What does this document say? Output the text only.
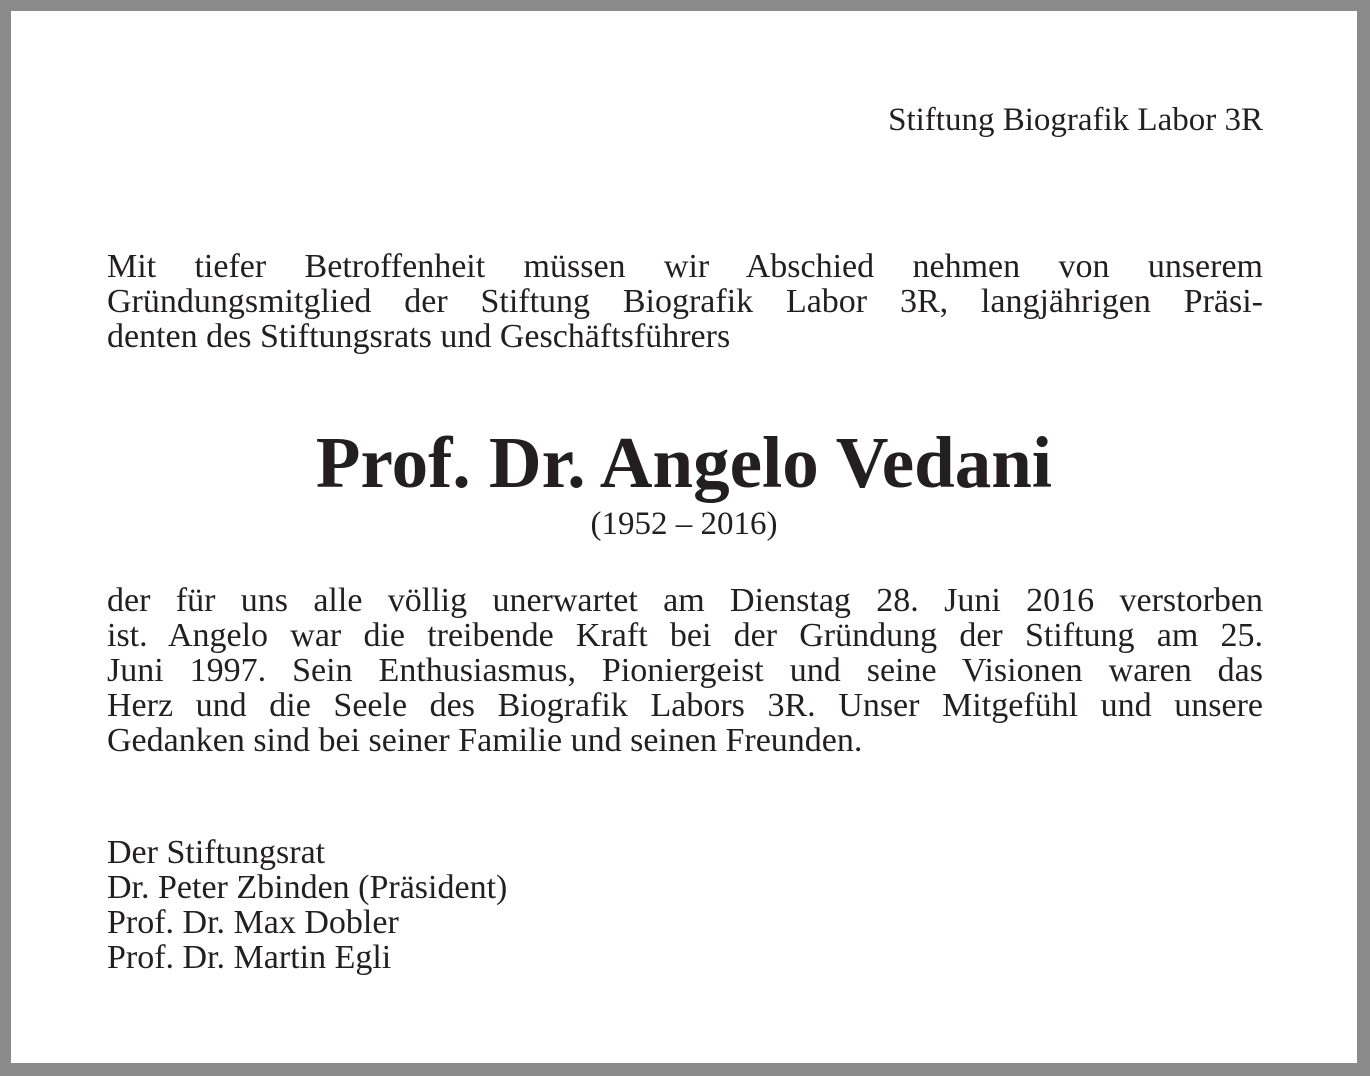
Stiftung Biografik Labor 3R
Mit tiefer Betroffenheit müssen wir Abschied nehmen von unserem
Gründungsmitglied der Stiftung Biografik Labor 3R, langjährigen Präsi-
denten des Stiftungsrats und Geschäftsführers
Prof. Dr. Angelo Vedani
(1952 – 2016)
der für uns alle völlig unerwartet am Dienstag 28. Juni 2016 verstorben
ist. Angelo war die treibende Kraft bei der Gründung der Stiftung am 25.
Juni 1997. Sein Enthusiasmus, Pioniergeist und seine Visionen waren das
Herz und die Seele des Biografik Labors 3R. Unser Mitgefühl und unsere
Gedanken sind bei seiner Familie und seinen Freunden.
Der Stiftungsrat
Dr. Peter Zbinden (Präsident)
Prof. Dr. Max Dobler
Prof. Dr. Martin Egli
